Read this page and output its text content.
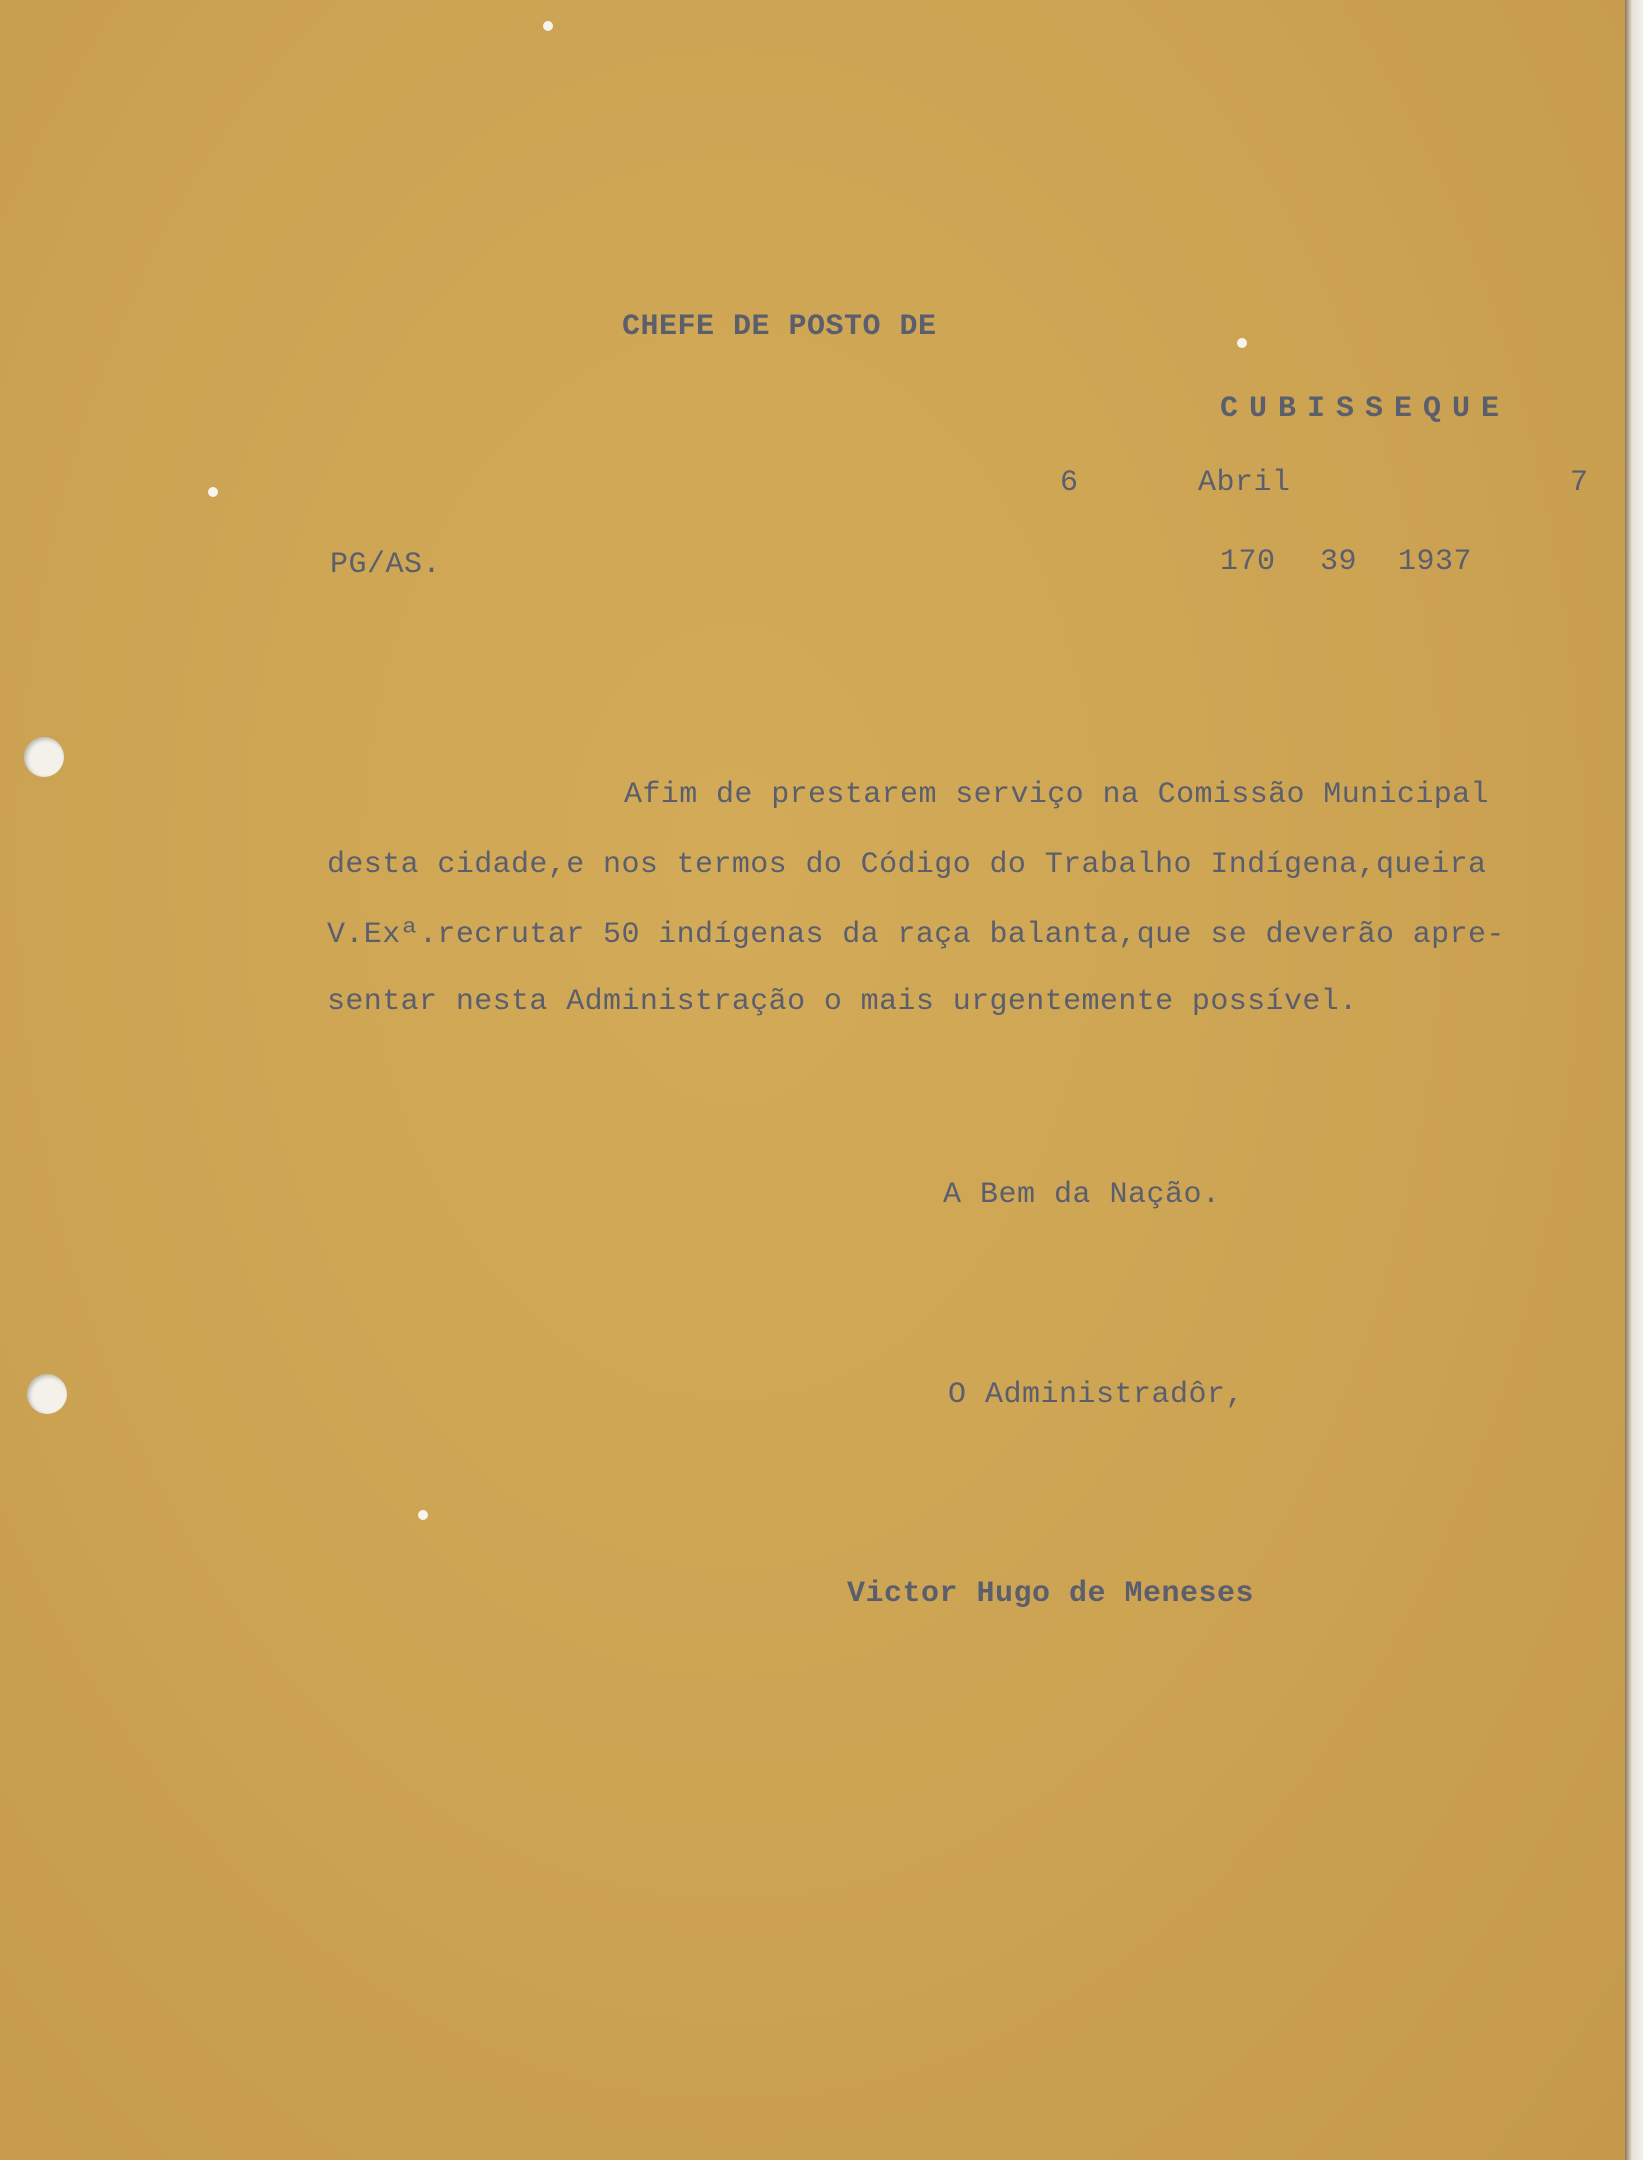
CHEFE DE POSTO DE
CUBISSEQUE
6	Abril	7
PG/AS.	170 39 1937
Afim de prestarem serviço na Comissão Municipal
desta cidade,e nos termos do Código do Trabalho Indígena,queira
V.Exª.recrutar 50 indígenas da raça balanta,que se deverão apre-
sentar nesta Administração o mais urgentemente possível.
A Bem da Nação.
O Administradôr,
Victor Hugo de Meneses
